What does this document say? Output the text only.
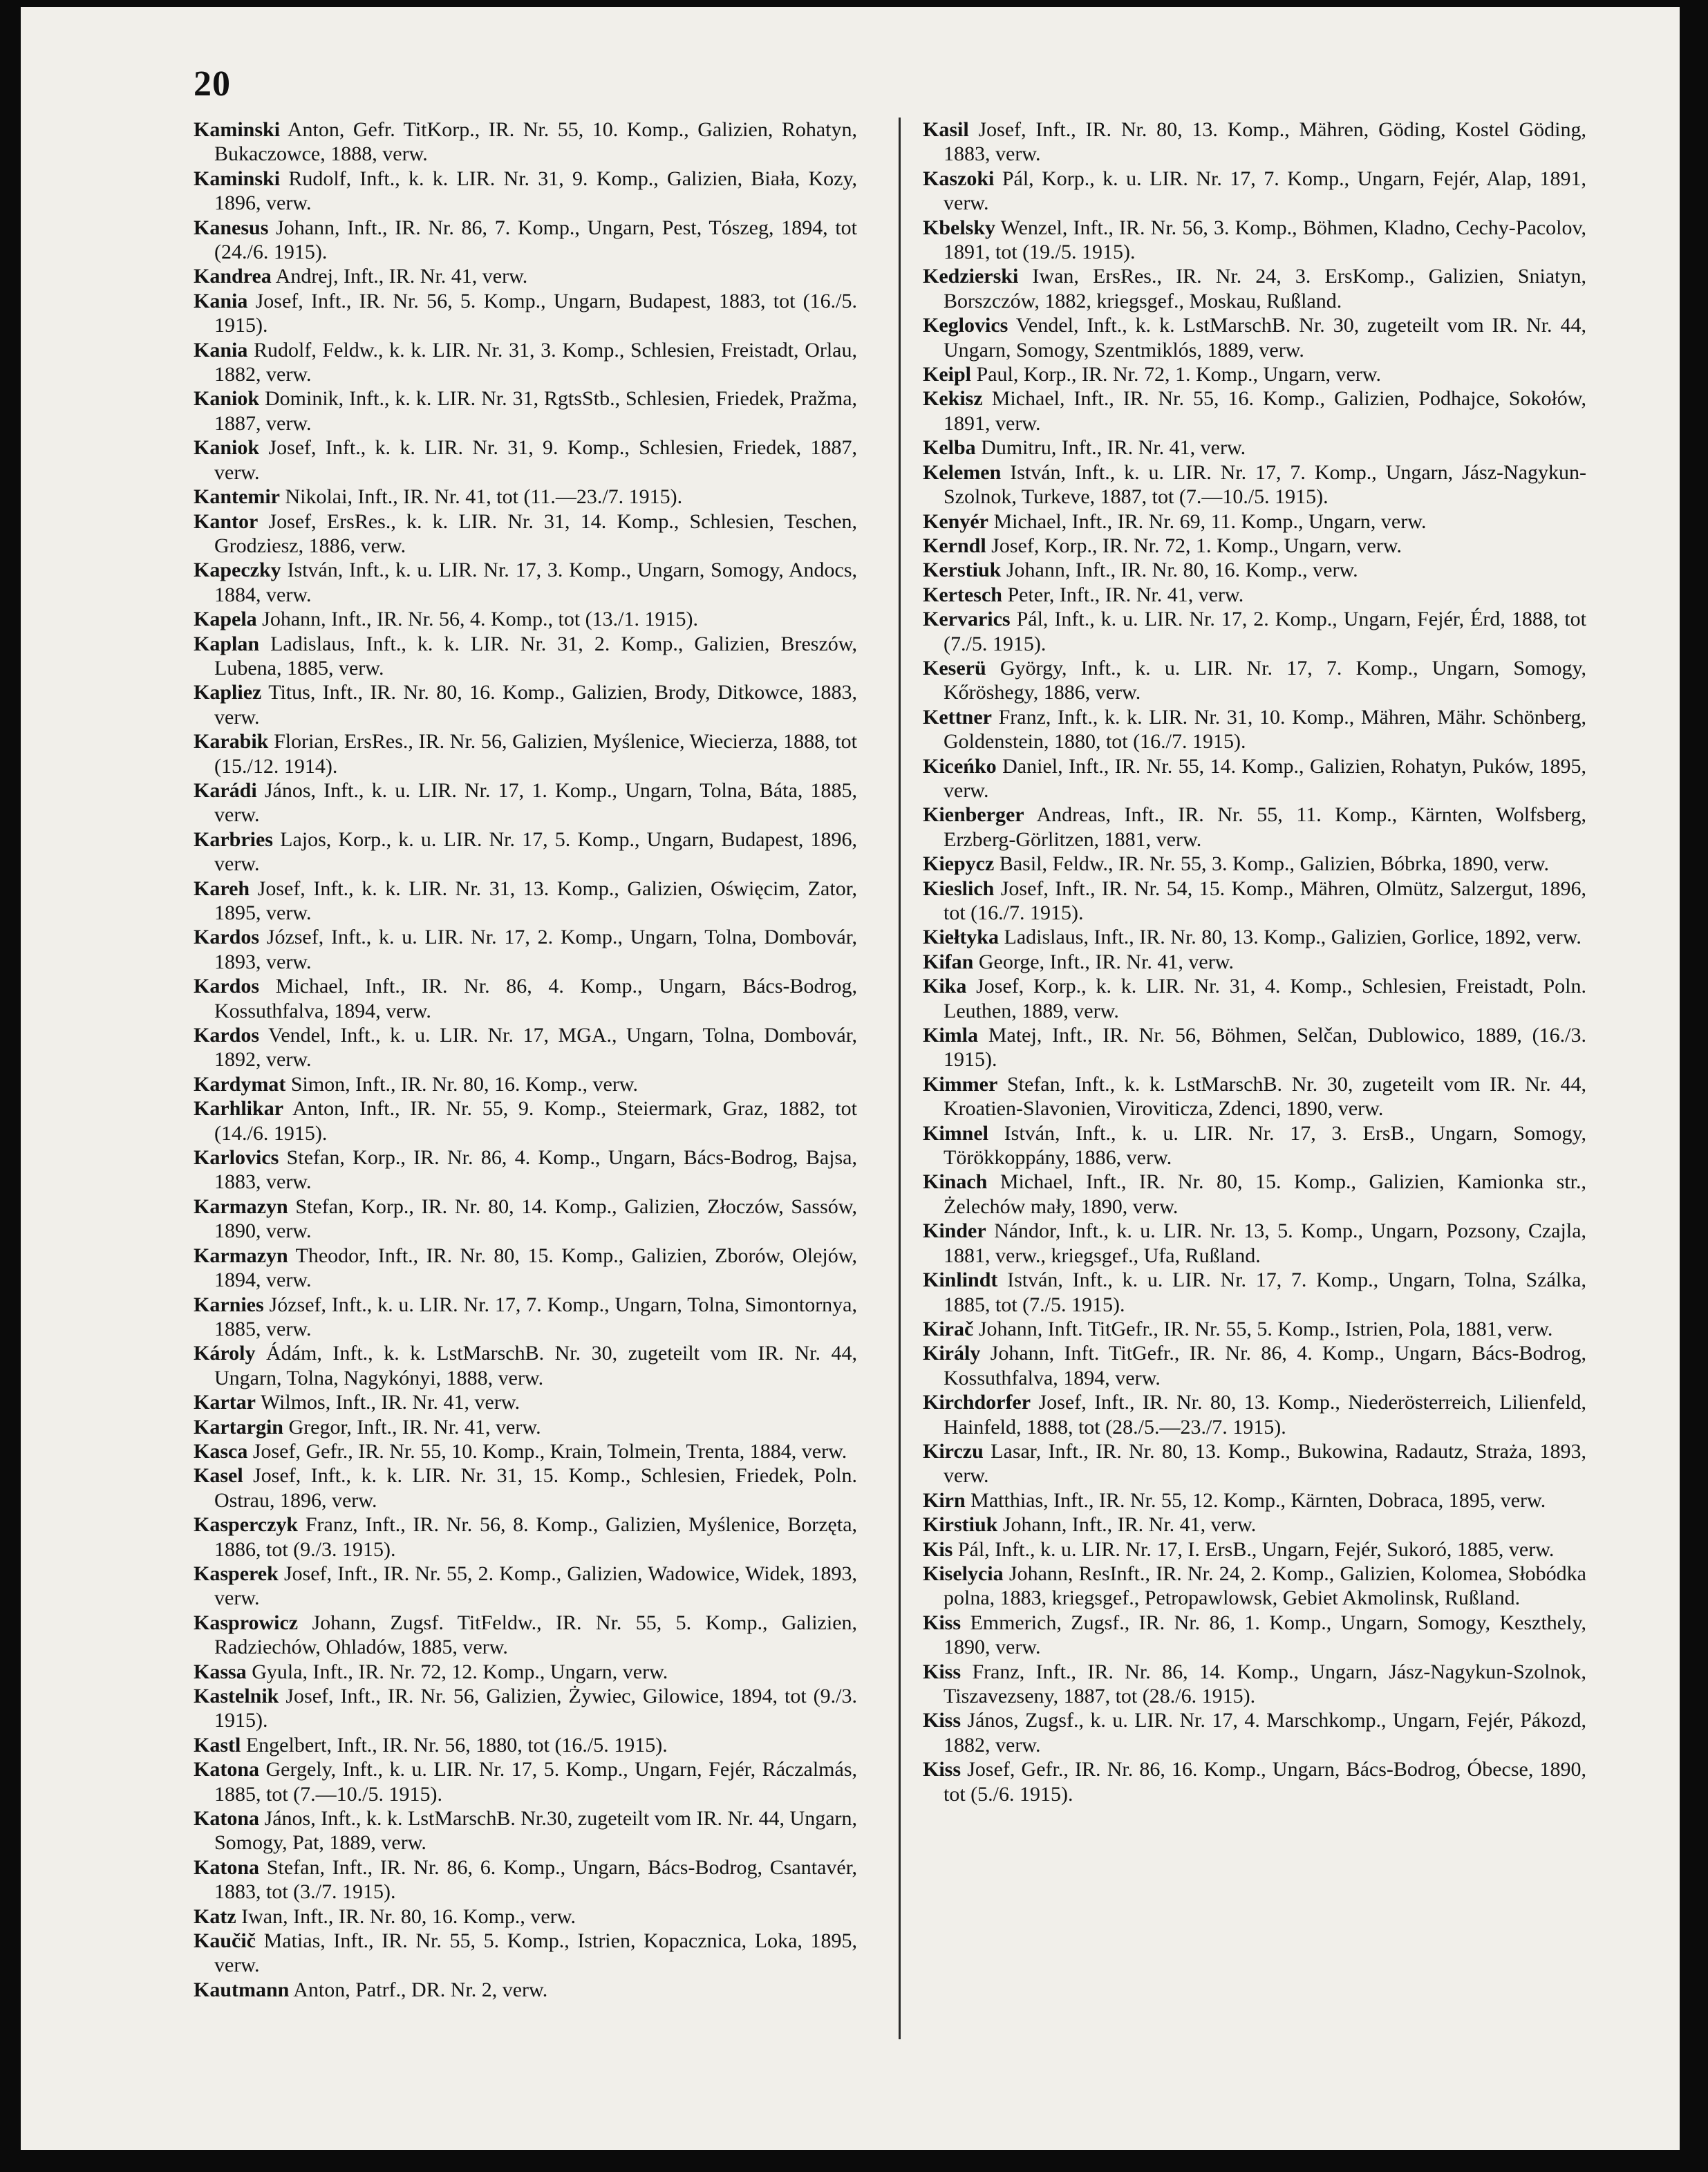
20

Kaminski Anton, Gefr. TitKorp., IR. Nr. 55, 10. Komp., Galizien, Rohatyn, Bukaczowce, 1888, verw.

Kaminski Rudolf, Inft., k. k. LIR. Nr. 31, 9. Komp., Galizien, Biała, Kozy, 1896, verw.

Kanesus Johann, Inft., IR. Nr. 86, 7. Komp., Ungarn, Pest, Tószeg, 1894, tot (24./6. 1915).

Kandrea Andrej, Inft., IR. Nr. 41, verw.

Kania Josef, Inft., IR. Nr. 56, 5. Komp., Ungarn, Budapest, 1883, tot (16./5. 1915).

Kania Rudolf, Feldw., k. k. LIR. Nr. 31, 3. Komp., Schlesien, Freistadt, Orlau, 1882, verw.

Kaniok Dominik, Inft., k. k. LIR. Nr. 31, RgtsStb., Schlesien, Friedek, Pražma, 1887, verw.

Kaniok Josef, Inft., k. k. LIR. Nr. 31, 9. Komp., Schlesien, Friedek, 1887, verw.

Kantemir Nikolai, Inft., IR. Nr. 41, tot (11.—23./7. 1915).

Kantor Josef, ErsRes., k. k. LIR. Nr. 31, 14. Komp., Schlesien, Teschen, Grodziesz, 1886, verw.

Kapeczky István, Inft., k. u. LIR. Nr. 17, 3. Komp., Ungarn, Somogy, Andocs, 1884, verw.

Kapela Johann, Inft., IR. Nr. 56, 4. Komp., tot (13./1. 1915).

Kaplan Ladislaus, Inft., k. k. LIR. Nr. 31, 2. Komp., Galizien, Breszów, Lubena, 1885, verw.

Kapliez Titus, Inft., IR. Nr. 80, 16. Komp., Galizien, Brody, Ditkowce, 1883, verw.

Karabik Florian, ErsRes., IR. Nr. 56, Galizien, Myślenice, Wiecierza, 1888, tot (15./12. 1914).

Karádi János, Inft., k. u. LIR. Nr. 17, 1. Komp., Ungarn, Tolna, Báta, 1885, verw.

Karbries Lajos, Korp., k. u. LIR. Nr. 17, 5. Komp., Ungarn, Budapest, 1896, verw.

Kareh Josef, Inft., k. k. LIR. Nr. 31, 13. Komp., Galizien, Oświęcim, Zator, 1895, verw.

Kardos József, Inft., k. u. LIR. Nr. 17, 2. Komp., Ungarn, Tolna, Dombovár, 1893, verw.

Kardos Michael, Inft., IR. Nr. 86, 4. Komp., Ungarn, Bács-Bodrog, Kossuthfalva, 1894, verw.

Kardos Vendel, Inft., k. u. LIR. Nr. 17, MGA., Ungarn, Tolna, Dombovár, 1892, verw.

Kardymat Simon, Inft., IR. Nr. 80, 16. Komp., verw.

Karhlikar Anton, Inft., IR. Nr. 55, 9. Komp., Steiermark, Graz, 1882, tot (14./6. 1915).

Karlovics Stefan, Korp., IR. Nr. 86, 4. Komp., Ungarn, Bács-Bodrog, Bajsa, 1883, verw.

Karmazyn Stefan, Korp., IR. Nr. 80, 14. Komp., Galizien, Złoczów, Sassów, 1890, verw.

Karmazyn Theodor, Inft., IR. Nr. 80, 15. Komp., Galizien, Zborów, Olejów, 1894, verw.

Karnies József, Inft., k. u. LIR. Nr. 17, 7. Komp., Ungarn, Tolna, Simontornya, 1885, verw.

Károly Ádám, Inft., k. k. LstMarschB. Nr. 30, zugeteilt vom IR. Nr. 44, Ungarn, Tolna, Nagykónyi, 1888, verw.

Kartar Wilmos, Inft., IR. Nr. 41, verw.

Kartargin Gregor, Inft., IR. Nr. 41, verw.

Kasca Josef, Gefr., IR. Nr. 55, 10. Komp., Krain, Tolmein, Trenta, 1884, verw.

Kasel Josef, Inft., k. k. LIR. Nr. 31, 15. Komp., Schlesien, Friedek, Poln. Ostrau, 1896, verw.

Kasperczyk Franz, Inft., IR. Nr. 56, 8. Komp., Galizien, Myślenice, Borzęta, 1886, tot (9./3. 1915).

Kasperek Josef, Inft., IR. Nr. 55, 2. Komp., Galizien, Wadowice, Widek, 1893, verw.

Kasprowicz Johann, Zugsf. TitFeldw., IR. Nr. 55, 5. Komp., Galizien, Radziechów, Ohladów, 1885, verw.

Kassa Gyula, Inft., IR. Nr. 72, 12. Komp., Ungarn, verw.

Kastelnik Josef, Inft., IR. Nr. 56, Galizien, Żywiec, Gilowice, 1894, tot (9./3. 1915).

Kastl Engelbert, Inft., IR. Nr. 56, 1880, tot (16./5. 1915).

Katona Gergely, Inft., k. u. LIR. Nr. 17, 5. Komp., Ungarn, Fejér, Ráczalmás, 1885, tot (7.—10./5. 1915).

Katona János, Inft., k. k. LstMarschB. Nr.30, zugeteilt vom IR. Nr. 44, Ungarn, Somogy, Pat, 1889, verw.

Katona Stefan, Inft., IR. Nr. 86, 6. Komp., Ungarn, Bács-Bodrog, Csantavér, 1883, tot (3./7. 1915).

Katz Iwan, Inft., IR. Nr. 80, 16. Komp., verw.

Kaučič Matias, Inft., IR. Nr. 55, 5. Komp., Istrien, Kopacznica, Loka, 1895, verw.

Kautmann Anton, Patrf., DR. Nr. 2, verw.

Kasil Josef, Inft., IR. Nr. 80, 13. Komp., Mähren, Göding, Kostel Göding, 1883, verw.

Kaszoki Pál, Korp., k. u. LIR. Nr. 17, 7. Komp., Ungarn, Fejér, Alap, 1891, verw.

Kbelsky Wenzel, Inft., IR. Nr. 56, 3. Komp., Böhmen, Kladno, Cechy-Pacolov, 1891, tot (19./5. 1915).

Kedzierski Iwan, ErsRes., IR. Nr. 24, 3. ErsKomp., Galizien, Sniatyn, Borszczów, 1882, kriegsgef., Moskau, Rußland.

Keglovics Vendel, Inft., k. k. LstMarschB. Nr. 30, zugeteilt vom IR. Nr. 44, Ungarn, Somogy, Szentmiklós, 1889, verw.

Keipl Paul, Korp., IR. Nr. 72, 1. Komp., Ungarn, verw.

Kekisz Michael, Inft., IR. Nr. 55, 16. Komp., Galizien, Podhajce, Sokołów, 1891, verw.

Kelba Dumitru, Inft., IR. Nr. 41, verw.

Kelemen István, Inft., k. u. LIR. Nr. 17, 7. Komp., Ungarn, Jász-Nagykun-Szolnok, Turkeve, 1887, tot (7.—10./5. 1915).

Kenyér Michael, Inft., IR. Nr. 69, 11. Komp., Ungarn, verw.

Kerndl Josef, Korp., IR. Nr. 72, 1. Komp., Ungarn, verw.

Kerstiuk Johann, Inft., IR. Nr. 80, 16. Komp., verw.

Kertesch Peter, Inft., IR. Nr. 41, verw.

Kervarics Pál, Inft., k. u. LIR. Nr. 17, 2. Komp., Ungarn, Fejér, Érd, 1888, tot (7./5. 1915).

Keserü György, Inft., k. u. LIR. Nr. 17, 7. Komp., Ungarn, Somogy, Kőröshegy, 1886, verw.

Kettner Franz, Inft., k. k. LIR. Nr. 31, 10. Komp., Mähren, Mähr. Schönberg, Goldenstein, 1880, tot (16./7. 1915).

Kiceńko Daniel, Inft., IR. Nr. 55, 14. Komp., Galizien, Rohatyn, Puków, 1895, verw.

Kienberger Andreas, Inft., IR. Nr. 55, 11. Komp., Kärnten, Wolfsberg, Erzberg-Görlitzen, 1881, verw.

Kiepycz Basil, Feldw., IR. Nr. 55, 3. Komp., Galizien, Bóbrka, 1890, verw.

Kieslich Josef, Inft., IR. Nr. 54, 15. Komp., Mähren, Olmütz, Salzergut, 1896, tot (16./7. 1915).

Kiełtyka Ladislaus, Inft., IR. Nr. 80, 13. Komp., Galizien, Gorlice, 1892, verw.

Kifan George, Inft., IR. Nr. 41, verw.

Kika Josef, Korp., k. k. LIR. Nr. 31, 4. Komp., Schlesien, Freistadt, Poln. Leuthen, 1889, verw.

Kimla Matej, Inft., IR. Nr. 56, Böhmen, Selčan, Dublowico, 1889, (16./3. 1915).

Kimmer Stefan, Inft., k. k. LstMarschB. Nr. 30, zugeteilt vom IR. Nr. 44, Kroatien-Slavonien, Viroviticza, Zdenci, 1890, verw.

Kimnel István, Inft., k. u. LIR. Nr. 17, 3. ErsB., Ungarn, Somogy, Törökkoppány, 1886, verw.

Kinach Michael, Inft., IR. Nr. 80, 15. Komp., Galizien, Kamionka str., Żelechów mały, 1890, verw.

Kinder Nándor, Inft., k. u. LIR. Nr. 13, 5. Komp., Ungarn, Pozsony, Czajla, 1881, verw., kriegsgef., Ufa, Rußland.

Kinlindt István, Inft., k. u. LIR. Nr. 17, 7. Komp., Ungarn, Tolna, Szálka, 1885, tot (7./5. 1915).

Kirač Johann, Inft. TitGefr., IR. Nr. 55, 5. Komp., Istrien, Pola, 1881, verw.

Király Johann, Inft. TitGefr., IR. Nr. 86, 4. Komp., Ungarn, Bács-Bodrog, Kossuthfalva, 1894, verw.

Kirchdorfer Josef, Inft., IR. Nr. 80, 13. Komp., Niederösterreich, Lilienfeld, Hainfeld, 1888, tot (28./5.—23./7. 1915).

Kirczu Lasar, Inft., IR. Nr. 80, 13. Komp., Bukowina, Radautz, Straża, 1893, verw.

Kirn Matthias, Inft., IR. Nr. 55, 12. Komp., Kärnten, Dobraca, 1895, verw.

Kirstiuk Johann, Inft., IR. Nr. 41, verw.

Kis Pál, Inft., k. u. LIR. Nr. 17, I. ErsB., Ungarn, Fejér, Sukoró, 1885, verw.

Kiselycia Johann, ResInft., IR. Nr. 24, 2. Komp., Galizien, Kolomea, Słobódka polna, 1883, kriegsgef., Petropawlowsk, Gebiet Akmolinsk, Rußland.

Kiss Emmerich, Zugsf., IR. Nr. 86, 1. Komp., Ungarn, Somogy, Keszthely, 1890, verw.

Kiss Franz, Inft., IR. Nr. 86, 14. Komp., Ungarn, Jász-Nagykun-Szolnok, Tiszavezseny, 1887, tot (28./6. 1915).

Kiss János, Zugsf., k. u. LIR. Nr. 17, 4. Marschkomp., Ungarn, Fejér, Pákozd, 1882, verw.

Kiss Josef, Gefr., IR. Nr. 86, 16. Komp., Ungarn, Bács-Bodrog, Óbecse, 1890, tot (5./6. 1915).
